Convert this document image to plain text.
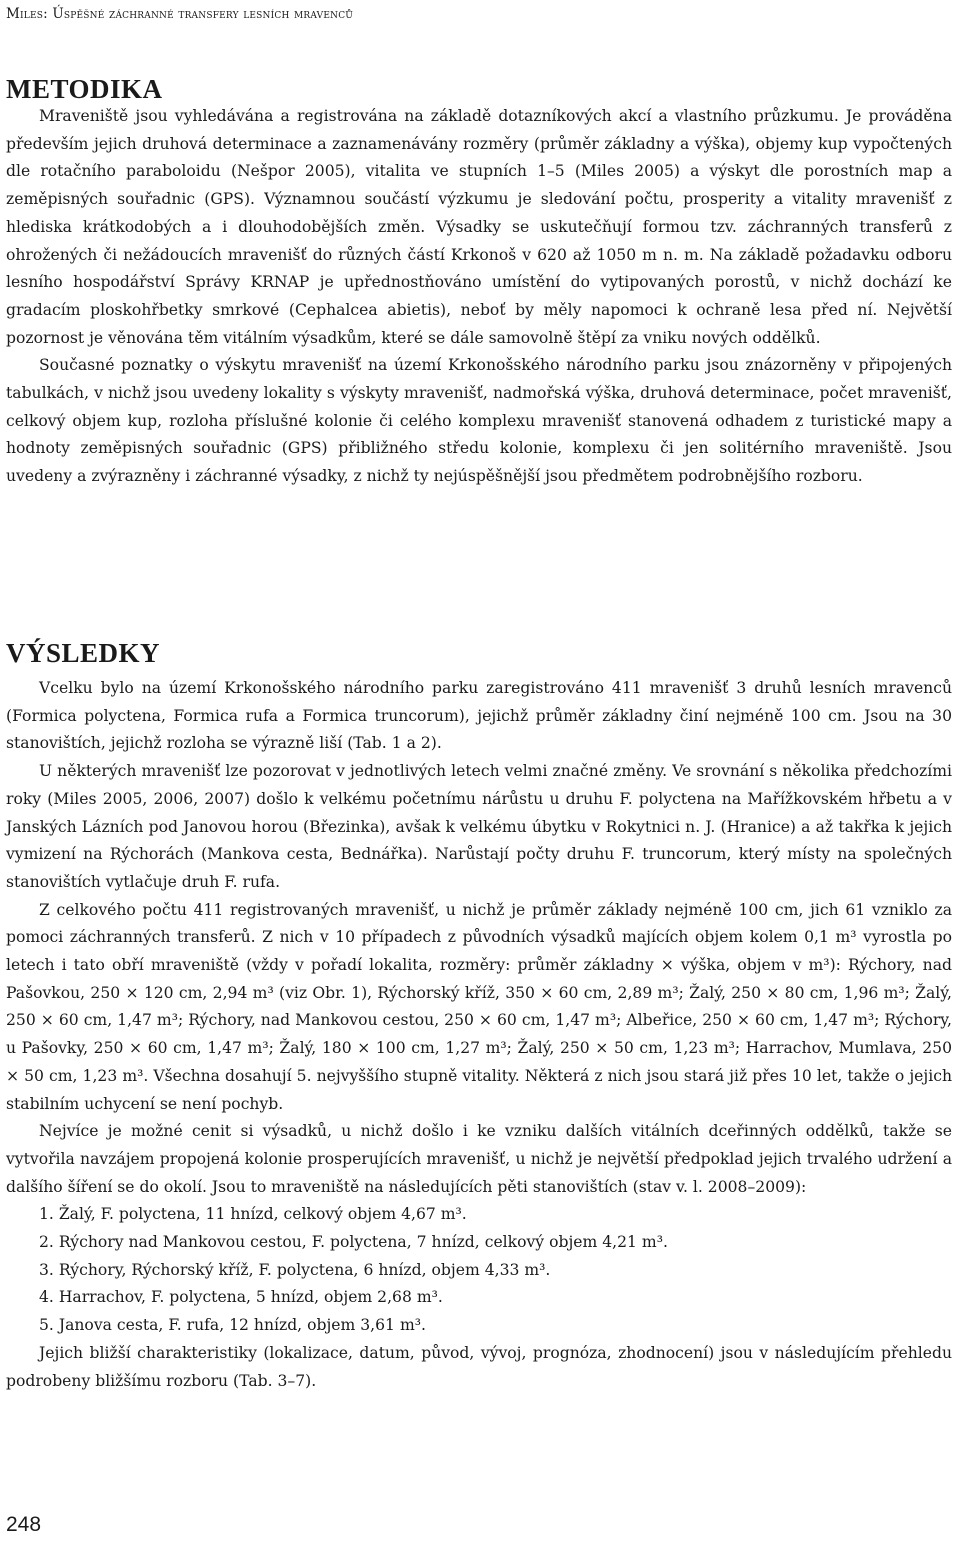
Miles: Úspěšné záchranné transfery lesních mravenců
METODIKA

Mraveniště jsou vyhledávána a registrována na základě dotazníkových akcí a vlastního průzkumu. Je prováděna především jejich druhová determinace a zaznamenávány rozměry (průměr základny a výška), objemy kup vypočtených dle rotačního paraboloidu (Nešpor 2005), vitalita ve stupních 1–5 (Miles 2005) a výskyt dle porostních map a zeměpisných souřadnic (GPS). Významnou součástí výzkumu je sledování počtu, prosperity a vitality mravenišť z hlediska krátkodobých a i dlouhodobějších změn. Výsadky se uskutečňují formou tzv. záchranných transferů z ohrožených či nežádoucích mravenišť do různých částí Krkonoš v 620 až 1050 m n. m. Na základě požadavku odboru lesního hospodářství Správy KRNAP je upřednostňováno umístění do vytipovaných porostů, v nichž dochází ke gradacím ploskohřbetky smrkové (Cephalcea abietis), neboť by měly napomoci k ochraně lesa před ní. Největší pozornost je věnována těm vitálním výsadkům, které se dále samovolně štěpí za vniku nových oddělků.

Současné poznatky o výskytu mravenišť na území Krkonošského národního parku jsou znázorněny v připojených tabulkách, v nichž jsou uvedeny lokality s výskyty mravenišť, nadmořská výška, druhová determinace, počet mravenišť, celkový objem kup, rozloha příslušné kolonie či celého komplexu mravenišť stanovená odhadem z turistické mapy a hodnoty zeměpisných souřadnic (GPS) přibližného středu kolonie, komplexu či jen solitérního mraveniště. Jsou uvedeny a zvýrazněny i záchranné výsadky, z nichž ty nejúspěšnější jsou předmětem podrobnějšího rozboru.

VÝSLEDKY

Vcelku bylo na území Krkonošského národního parku zaregistrováno 411 mravenišť 3 druhů lesních mravenců (Formica polyctena, Formica rufa a Formica truncorum), jejichž průměr základny činí nejméně 100 cm. Jsou na 30 stanovištích, jejichž rozloha se výrazně liší (Tab. 1 a 2).

U některých mravenišť lze pozorovat v jednotlivých letech velmi značné změny. Ve srovnání s několika předchozími roky (Miles 2005, 2006, 2007) došlo k velkému početnímu nárůstu u druhu F. polyctena na Mařížkovském hřbetu a v Janských Lázních pod Janovou horou (Březinka), avšak k velkému úbytku v Rokytnici n. J. (Hranice) a až takřka k jejich vymizení na Rýchorách (Mankova cesta, Bednářka). Narůstají počty druhu F. truncorum, který místy na společných stanovištích vytlačuje druh F. rufa.

Z celkového počtu 411 registrovaných mravenišť, u nichž je průměr základy nejméně 100 cm, jich 61 vzniklo za pomoci záchranných transferů. Z nich v 10 případech z původních výsadků majících objem kolem 0,1 m³ vyrostla po letech i tato obří mraveniště (vždy v pořadí lokalita, rozměry: průměr základny × výška, objem v m³): Rýchory, nad Pašovkou, 250 × 120 cm, 2,94 m³ (viz Obr. 1), Rýchorský kříž, 350 × 60 cm, 2,89 m³; Žalý, 250 × 80 cm, 1,96 m³; Žalý, 250 × 60 cm, 1,47 m³; Rýchory, nad Mankovou cestou, 250 × 60 cm, 1,47 m³; Albeřice, 250 × 60 cm, 1,47 m³; Rýchory, u Pašovky, 250 × 60 cm, 1,47 m³; Žalý, 180 × 100 cm, 1,27 m³; Žalý, 250 × 50 cm, 1,23 m³; Harrachov, Mumlava, 250 × 50 cm, 1,23 m³. Všechna dosahují 5. nejvyššího stupně vitality. Některá z nich jsou stará již přes 10 let, takže o jejich stabilním uchycení se není pochyb.

Nejvíce je možné cenit si výsadků, u nichž došlo i ke vzniku dalších vitálních dceřinných oddělků, takže se vytvořila navzájem propojená kolonie prosperujících mravenišť, u nichž je největší předpoklad jejich trvalého udržení a dalšího šíření se do okolí. Jsou to mraveniště na následujících pěti stanovištích (stav v. l. 2008–2009):

1. Žalý, F. polyctena, 11 hnízd, celkový objem 4,67 m³.
2. Rýchory nad Mankovou cestou, F. polyctena, 7 hnízd, celkový objem 4,21 m³.
3. Rýchory, Rýchorský kříž, F. polyctena, 6 hnízd, objem 4,33 m³.
4. Harrachov, F. polyctena, 5 hnízd, objem 2,68 m³.
5. Janova cesta, F. rufa, 12 hnízd, objem 3,61 m³.

Jejich bližší charakteristiky (lokalizace, datum, původ, vývoj, prognóza, zhodnocení) jsou v následujícím přehledu podrobeny bližšímu rozboru (Tab. 3–7).

248
